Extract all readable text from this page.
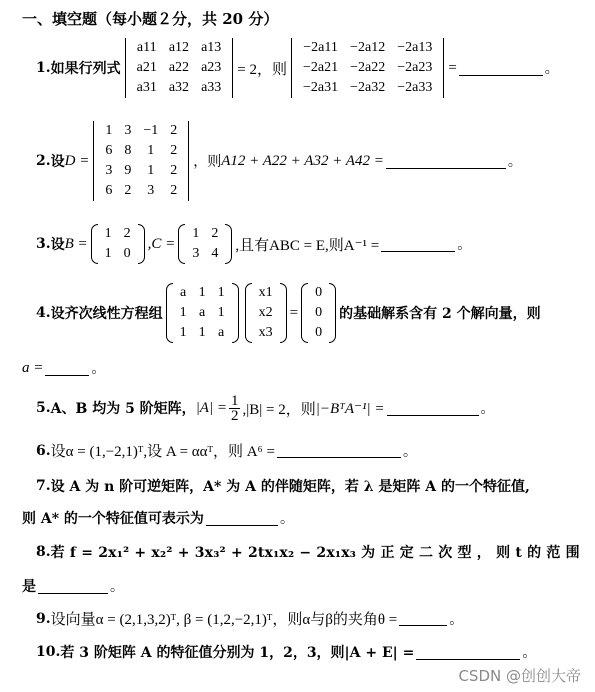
一、填空题（每小题２分，共 20 分）
1. 如果行列式
a11	a12	a13
a21	a22	a23
a31	a32	a33
= 2，则
−2a11	−2a12	−2a13
−2a21	−2a22	−2a23
−2a31	−2a32	−2a33
=	。
2. 设 D =
1	3	−1	2
6	8	1	2
3	9	1	2
6	2	3	2
，则 A12 + A22 + A32 + A42 =	。
3. 设 B =
1	2
1	0
,C =
1	2
3	4 ,且有ABC = E,则A⁻¹ =	。
4. 设齐次线性方程组
a	1	1
1	a	1
1	1	a
x1
x2
x3
=
0
0
0
的基础解系含有 2 个解向量，则
a =	。
5. A、B 均为 5 阶矩阵， $|A| = \frac{1}{2} ,|B| = 2$，则 |−BᵀA⁻¹| =	。
6. 设α = (1,−2,1)ᵀ,设 A = ααᵀ，则 A⁶ =	。
7. 设 A 为 n 阶可逆矩阵，A* 为 A 的伴随矩阵，若 λ 是矩阵 A 的一个特征值,
则 A* 的一个特征值可表示为	。
8. 若 f = 2x₁² + x₂² + 3x₃² + 2tx₁x₂ − 2x₁x₃ 为 正 定 二 次 型 ， 则 t 的 范 围
是	。
9. 设向量α = (2,1,3,2)ᵀ, β = (1,2,−2,1)ᵀ，则α与β的夹角θ =	。
10. 若 3 阶矩阵 A 的特征值分别为 1，2，3，则|A + E| =	。
CSDN @创创大帝
